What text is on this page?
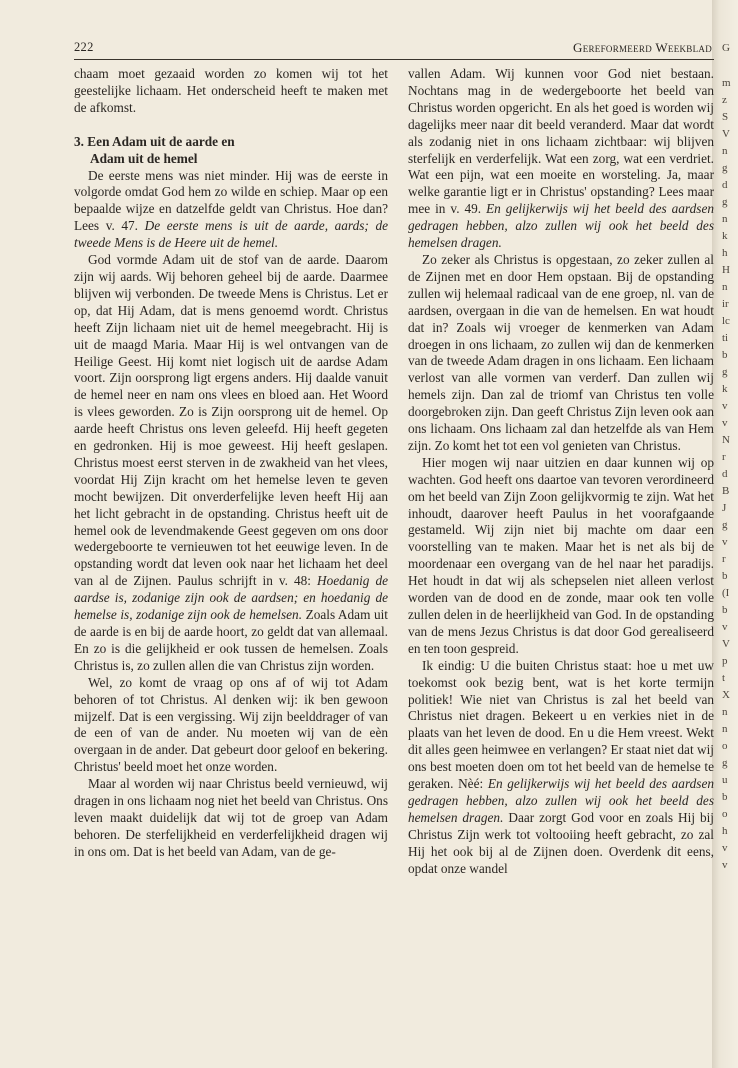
222	Gereformeerd Weekblad

chaam moet gezaaid worden zo komen wij tot het geestelijke lichaam. Het onderscheid heeft te maken met de afkomst.

3. Een Adam uit de aarde en
Adam uit de hemel

De eerste mens was niet minder. Hij was de eerste in volgorde omdat God hem zo wilde en schiep. Maar op een bepaalde wijze en datzelfde geldt van Christus. Hoe dan? Lees v. 47. De eerste mens is uit de aarde, aards; de tweede Mens is de Heere uit de hemel.

God vormde Adam uit de stof van de aarde. Daarom zijn wij aards. Wij behoren geheel bij de aarde. Daarmee blijven wij verbonden. De tweede Mens is Christus. Let er op, dat Hij Adam, dat is mens genoemd wordt. Christus heeft Zijn lichaam niet uit de hemel meegebracht. Hij is uit de maagd Maria. Maar Hij is wel ontvangen van de Heilige Geest. Hij komt niet logisch uit de aardse Adam voort. Zijn oorsprong ligt ergens anders. Hij daalde vanuit de hemel neer en nam ons vlees en bloed aan. Het Woord is vlees geworden. Zo is Zijn oorsprong uit de hemel. Op aarde heeft Christus ons leven geleefd. Hij heeft gegeten en gedronken. Hij is moe geweest. Hij heeft geslapen. Christus moest eerst sterven in de zwakheid van het vlees, voordat Hij Zijn kracht om het hemelse leven te geven mocht bewijzen. Dit onverderfelijke leven heeft Hij aan het licht gebracht in de opstanding. Christus heeft uit de hemel ook de levendmakende Geest gegeven om ons door wedergeboorte te vernieuwen tot het eeuwige leven. In de opstanding wordt dat leven ook naar het lichaam het deel van al de Zijnen. Paulus schrijft in v. 48: Hoedanig de aardse is, zodanige zijn ook de aardsen; en hoedanig de hemelse is, zodanige zijn ook de hemelsen. Zoals Adam uit de aarde is en bij de aarde hoort, zo geldt dat van allemaal. En zo is die gelijkheid er ook tussen de hemelsen. Zoals Christus is, zo zullen allen die van Christus zijn worden.

Wel, zo komt de vraag op ons af of wij tot Adam behoren of tot Christus. Al denken wij: ik ben gewoon mijzelf. Dat is een vergissing. Wij zijn beelddrager of van de een of van de ander. Nu moeten wij van de eèn overgaan in de ander. Dat gebeurt door geloof en bekering. Christus' beeld moet het onze worden.

Maar al worden wij naar Christus beeld vernieuwd, wij dragen in ons lichaam nog niet het beeld van Christus. Ons leven maakt duidelijk dat wij tot de groep van Adam behoren. De sterfelijkheid en verderfelijkheid dragen wij in ons om. Dat is het beeld van Adam, van de ge-

vallen Adam. Wij kunnen voor God niet bestaan. Nochtans mag in de wedergeboorte het beeld van Christus worden opgericht. En als het goed is worden wij dagelijks meer naar dit beeld veranderd. Maar dat wordt als zodanig niet in ons lichaam zichtbaar: wij blijven sterfelijk en verderfelijk. Wat een zorg, wat een verdriet. Wat een pijn, wat een moeite en worsteling. Ja, maar welke garantie ligt er in Christus' opstanding? Lees maar mee in v. 49. En gelijkerwijs wij het beeld des aardsen gedragen hebben, alzo zullen wij ook het beeld des hemelsen dragen.

Zo zeker als Christus is opgestaan, zo zeker zullen al de Zijnen met en door Hem opstaan. Bij de opstanding zullen wij helemaal radicaal van de ene groep, nl. van de aardsen, overgaan in die van de hemelsen. En wat houdt dat in? Zoals wij vroeger de kenmerken van Adam droegen in ons lichaam, zo zullen wij dan de kenmerken van de tweede Adam dragen in ons lichaam. Een lichaam verlost van alle vormen van verderf. Dan zullen wij hemels zijn. Dan zal de triomf van Christus ten volle doorgebroken zijn. Dan geeft Christus Zijn leven ook aan ons lichaam. Ons lichaam zal dan hetzelfde als van Hem zijn. Zo komt het tot een vol genieten van Christus.

Hier mogen wij naar uitzien en daar kunnen wij op wachten. God heeft ons daartoe van tevoren verordineerd om het beeld van Zijn Zoon gelijkvormig te zijn. Wat het inhoudt, daarover heeft Paulus in het voorafgaande gestameld. Wij zijn niet bij machte om daar een voorstelling van te maken. Maar het is net als bij de moordenaar een overgang van de hel naar het paradijs. Het houdt in dat wij als schepselen niet alleen verlost worden van de dood en de zonde, maar ook ten volle zullen delen in de heerlijkheid van God. In de opstanding van de mens Jezus Christus is dat door God gerealiseerd en ten toon gespreid.

Ik eindig: U die buiten Christus staat: hoe u met uw toekomst ook bezig bent, wat is het korte termijn politiek! Wie niet van Christus is zal het beeld van Christus niet dragen. Bekeert u en verkies niet in de plaats van het leven de dood. En u die Hem vreest. Wekt dit alles geen heimwee en verlangen? Er staat niet dat wij ons best moeten doen om tot het beeld van de hemelse te geraken. Nèé: En gelijkerwijs wij het beeld des aardsen gedragen hebben, alzo zullen wij ook het beeld des hemelsen dragen. Daar zorgt God voor en zoals Hij bij Christus Zijn werk tot voltooiing heeft gebracht, zo zal Hij het ook bij al de Zijnen doen. Overdenk dit eens, opdat onze wandel

G
m
z
S
V
n
g
d
g
n
k
h
H
n
ir
lc
ti
b
g
k
v
v
N
r
d
B
J
g
v
r
b
(I
b
v
V
p
t
X
n
n
o
g
u
b
o
h
v
v
